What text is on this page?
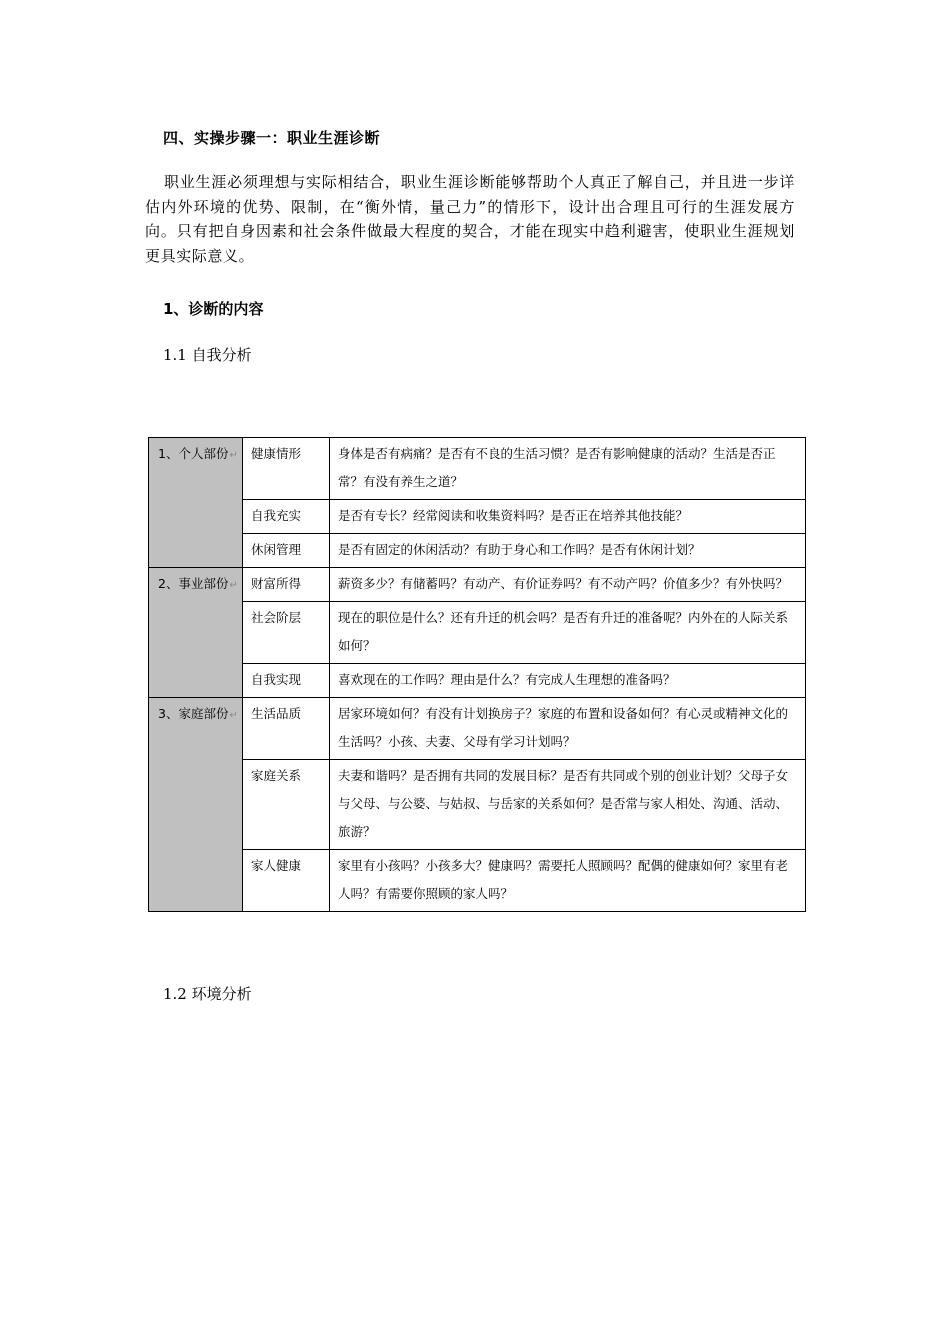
四、实操步骤一：职业生涯诊断
职业生涯必须理想与实际相结合，职业生涯诊断能够帮助个人真正了解自己，并且进一步详估内外环境的优势、限制，在“衡外情，量己力”的情形下，设计出合理且可行的生涯发展方向。只有把自身因素和社会条件做最大程度的契合，才能在现实中趋利避害，使职业生涯规划更具实际意义。
1、诊断的内容
1.1 自我分析
1、个人部份↵	健康情形	身体是否有病痛？是否有不良的生活习惯？是否有影响健康的活动？生活是否正常？有没有养生之道？
	自我充实	是否有专长？经常阅读和收集资料吗？是否正在培养其他技能？
	休闲管理	是否有固定的休闲活动？有助于身心和工作吗？是否有休闲计划？
2、事业部份↵	财富所得	薪资多少？有储蓄吗？有动产、有价证券吗？有不动产吗？价值多少？有外快吗？
	社会阶层	现在的职位是什么？还有升迁的机会吗？是否有升迁的准备呢？内外在的人际关系如何？
	自我实现	喜欢现在的工作吗？理由是什么？有完成人生理想的准备吗？
3、家庭部份↵	生活品质	居家环境如何？有没有计划换房子？家庭的布置和设备如何？有心灵或精神文化的生活吗？小孩、夫妻、父母有学习计划吗？
	家庭关系	夫妻和谐吗？是否拥有共同的发展目标？是否有共同或个别的创业计划？父母子女与父母、与公婆、与姑叔、与岳家的关系如何？是否常与家人相处、沟通、活动、旅游？
	家人健康	家里有小孩吗？小孩多大？健康吗？需要托人照顾吗？配偶的健康如何？家里有老人吗？有需要你照顾的家人吗？
1.2 环境分析
